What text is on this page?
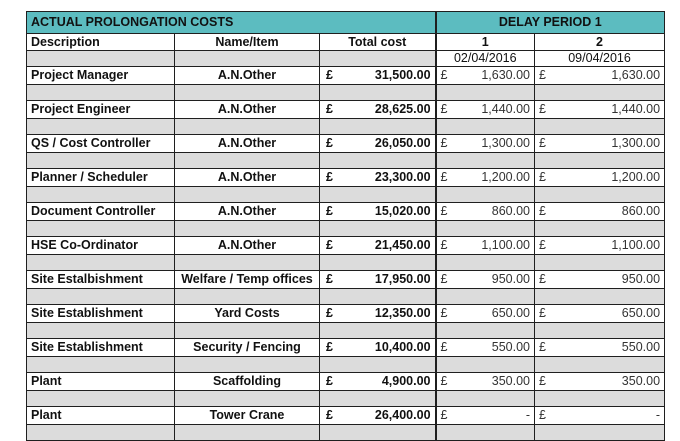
ACTUAL PROLONGATION COSTS				DELAY PERIOD 1			
Description	Name/Item	Total cost		1		2	
				02/04/2016		09/04/2016	
Project Manager	A.N.Other	£	31,500.00	£	1,630.00	£	1,630.00

Project Engineer	A.N.Other	£	28,625.00	£	1,440.00	£	1,440.00

QS / Cost Controller	A.N.Other	£	26,050.00	£	1,300.00	£	1,300.00

Planner / Scheduler	A.N.Other	£	23,300.00	£	1,200.00	£	1,200.00

Document Controller	A.N.Other	£	15,020.00	£	860.00	£	860.00

HSE Co-Ordinator	A.N.Other	£	21,450.00	£	1,100.00	£	1,100.00

Site Estalbishment	Welfare / Temp offices	£	17,950.00	£	950.00	£	950.00

Site Establishment	Yard Costs	£	12,350.00	£	650.00	£	650.00

Site Establishment	Security / Fencing	£	10,400.00	£	550.00	£	550.00

Plant	Scaffolding	£	4,900.00	£	350.00	£	350.00

Plant	Tower Crane	£	26,400.00	£	-	£	-
